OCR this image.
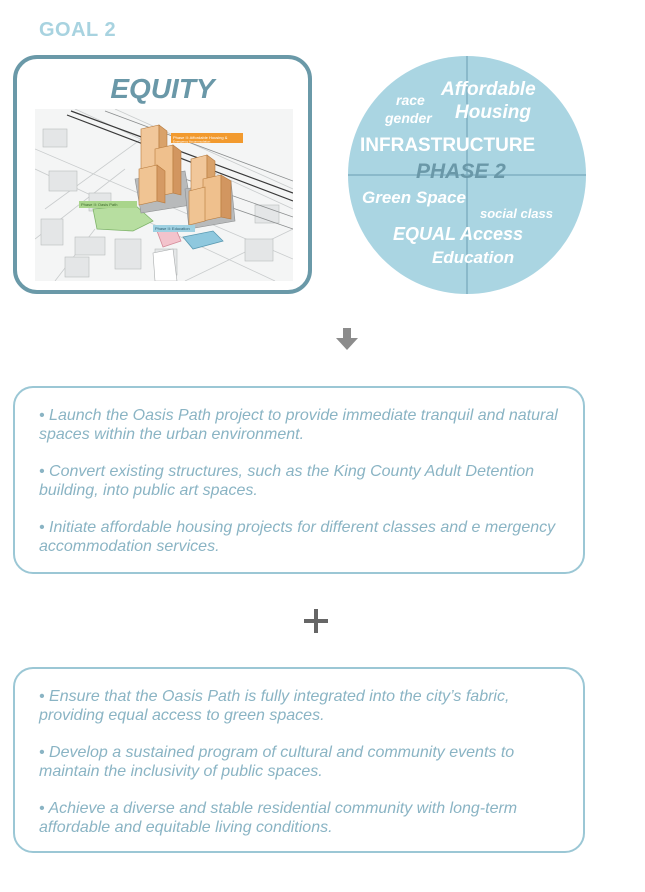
GOAL 2
EQUITY
Phase II: Affordable Housing &
Emergency Accommodation
Phase II: Oasis Path
Phase II: Education
race
gender
Affordable
Housing
INFRASTRUCTURE
PHASE 2
Green Space
social class
EQUAL Access
Education
• Launch the Oasis Path project to provide immediate tranquil and natural spaces within the urban environment.
• Convert existing structures, such as the King County Adult Detention building, into public art spaces.
• Initiate affordable housing projects for different classes and e mergency accommodation services.
• Ensure that the Oasis Path is fully integrated into the city’s fabric, providing equal access to green spaces.
• Develop a sustained program of cultural and community events to maintain the inclusivity of public spaces.
• Achieve a diverse and stable residential community with long-term affordable and equitable living conditions.
